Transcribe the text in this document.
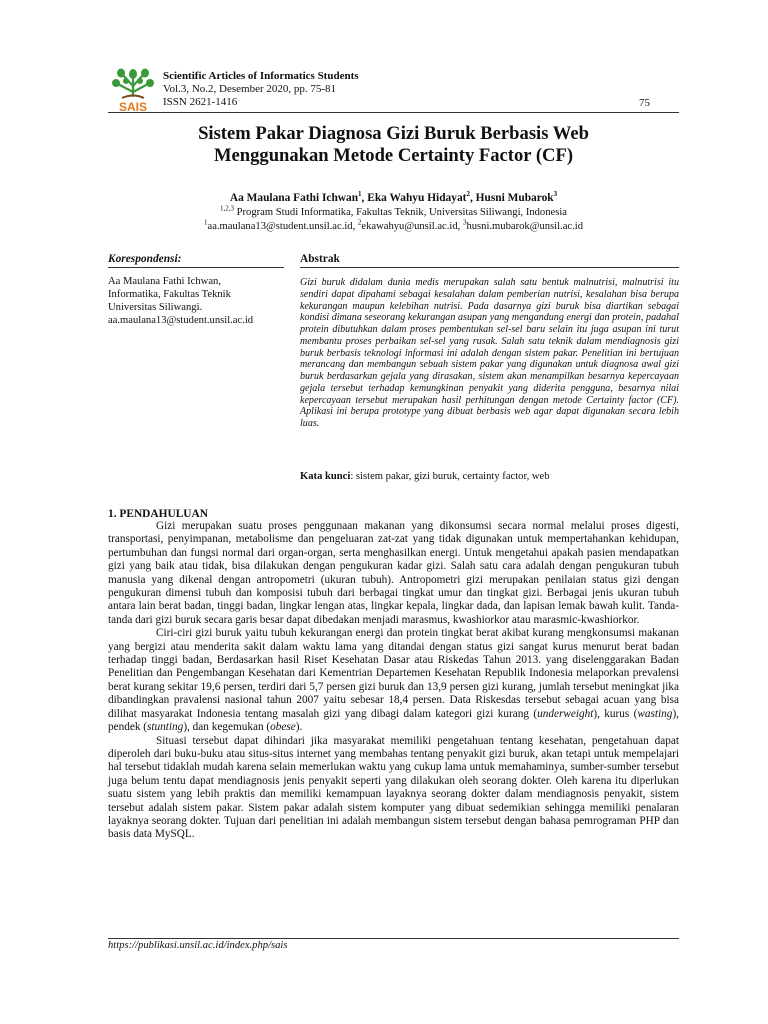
SAIS
Scientific Articles of Informatics Students
Vol.3, No.2, Desember 2020, pp. 75-81
ISSN 2621-1416	75
Sistem Pakar Diagnosa Gizi Buruk Berbasis Web
Menggunakan Metode Certainty Factor (CF)
Aa Maulana Fathi Ichwan$^1$, Eka Wahyu Hidayat$^2$, Husni Mubarok$^3$
$^{1,2,3}$ Program Studi Informatika, Fakultas Teknik, Universitas Siliwangi, Indonesia
$^1$aa.maulana13@student.unsil.ac.id, $^2$ekawahyu@unsil.ac.id, $^3$husni.mubarok@unsil.ac.id
Korespondensi:
Aa Maulana Fathi Ichwan,
Informatika, Fakultas Teknik
Universitas Siliwangi.
aa.maulana13@student.unsil.ac.id
Abstrak
Gizi buruk didalam dunia medis merupakan salah satu bentuk malnutrisi, malnutrisi itu sendiri dapat dipahami sebagai kesalahan dalam pemberian nutrisi, kesalahan bisa berupa kekurangan maupun kelebihan nutrisi. Pada dasarnya gizi buruk bisa diartikan sebagai kondisi dimana seseorang kekurangan asupan yang mengandung energi dan protein, padahal protein dibutuhkan dalam proses pembentukan sel-sel baru selain itu juga asupan ini turut membantu proses perbaikan sel-sel yang rusak. Salah satu teknik dalam mendiagnosis gizi buruk berbasis teknologi informasi ini adalah dengan sistem pakar. Penelitian ini bertujuan merancang dan membangun sebuah sistem pakar yang digunakan untuk diagnosa awal gizi buruk berdasarkan gejala yang dirasakan, sistem akan menampilkan besarnya kepercayaan gejala tersebut terhadap kemungkinan penyakit yang diderita pengguna, besarnya nilai kepercayaan tersebut merupakan hasil perhitungan dengan metode Certainty factor (CF). Aplikasi ini berupa prototype yang dibuat berbasis web agar dapat digunakan secara lebih luas.
Kata kunci: sistem pakar, gizi buruk, certainty factor, web
1. PENDAHULUAN

Gizi merupakan suatu proses penggunaan makanan yang dikonsumsi secara normal melalui proses digesti, transportasi, penyimpanan, metabolisme dan pengeluaran zat-zat yang tidak digunakan untuk mempertahankan kehidupan, pertumbuhan dan fungsi normal dari organ-organ, serta menghasilkan energi. Untuk mengetahui apakah pasien mendapatkan gizi yang baik atau tidak, bisa dilakukan dengan pengukuran kadar gizi. Salah satu cara adalah dengan pengukuran tubuh manusia yang dikenal dengan antropometri (ukuran tubuh). Antropometri gizi merupakan penilaian status gizi dengan pengukuran dimensi tubuh dan komposisi tubuh dari berbagai tingkat umur dan tingkat gizi. Berbagai jenis ukuran tubuh antara lain berat badan, tinggi badan, lingkar lengan atas, lingkar kepala, lingkar dada, dan lapisan lemak bawah kulit. Tanda-tanda dari gizi buruk secara garis besar dapat dibedakan menjadi marasmus, kwashiorkor atau marasmic-kwashiorkor.

Ciri-ciri gizi buruk yaitu tubuh kekurangan energi dan protein tingkat berat akibat kurang mengkonsumsi makanan yang bergizi atau menderita sakit dalam waktu lama yang ditandai dengan status gizi sangat kurus menurut berat badan terhadap tinggi badan, Berdasarkan hasil Riset Kesehatan Dasar atau Riskedas Tahun 2013. yang diselenggarakan Badan Penelitian dan Pengembangan Kesehatan dari Kementrian Departemen Kesehatan Republik Indonesia melaporkan prevalensi berat kurang sekitar 19,6 persen, terdiri dari 5,7 persen gizi buruk dan 13,9 persen gizi kurang, jumlah tersebut meningkat jika dibandingkan pravalensi nasional tahun 2007 yaitu sebesar 18,4 persen. Data Riskesdas tersebut sebagai acuan yang bisa dilihat masyarakat Indonesia tentang masalah gizi yang dibagi dalam kategori gizi kurang (underweight), kurus (wasting), pendek (stunting), dan kegemukan (obese).

Situasi tersebut dapat dihindari jika masyarakat memiliki pengetahuan tentang kesehatan, pengetahuan dapat diperoleh dari buku-buku atau situs-situs internet yang membahas tentang penyakit gizi buruk, akan tetapi untuk mempelajari hal tersebut tidaklah mudah karena selain memerlukan waktu yang cukup lama untuk memahaminya, sumber-sumber tersebut juga belum tentu dapat mendiagnosis jenis penyakit seperti yang dilakukan oleh seorang dokter. Oleh karena itu diperlukan suatu sistem yang lebih praktis dan memiliki kemampuan layaknya seorang dokter dalam mendiagnosis penyakit, sistem tersebut adalah sistem pakar. Sistem pakar adalah sistem komputer yang dibuat sedemikian sehingga memiliki penalaran layaknya seorang dokter. Tujuan dari penelitian ini adalah membangun sistem tersebut dengan bahasa pemrograman PHP dan basis data MySQL.

https://publikasi.unsil.ac.id/index.php/sais
